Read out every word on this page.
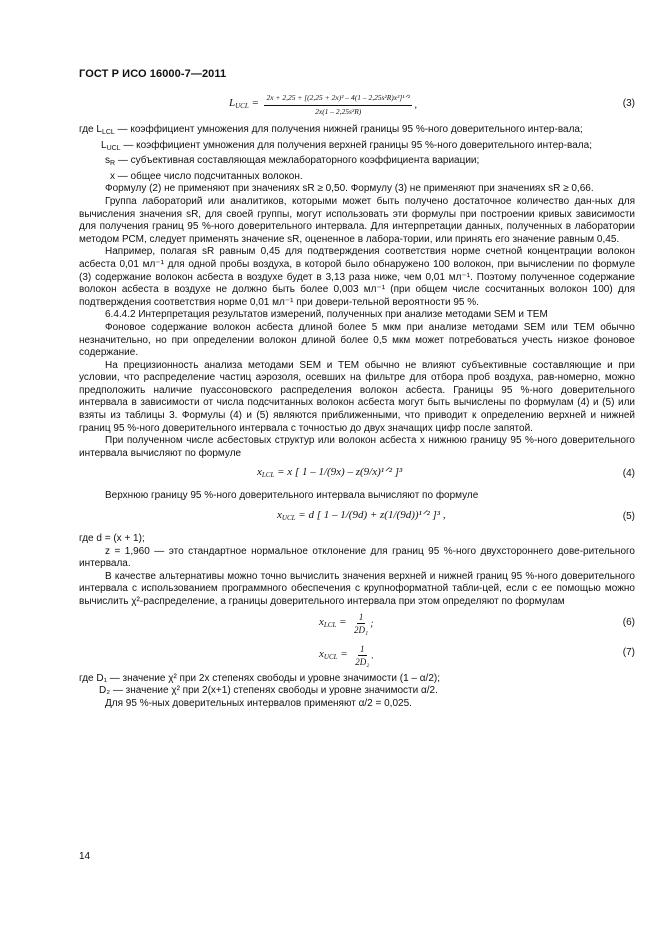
ГОСТ Р ИСО 16000-7—2011
$L_{UCL} = \frac{\text{2x + 2,25 + [(2,25 + 2x)² – 4(1 – 2,25s²R)x²]¹ᐟ²}}{\text{2x(1 – 2,25s²R)}}$ ,	(3)
где $L_{LCL}$ — коэффициент умножения для получения нижней границы 95 %-ного доверительного интер-вала;
$L_{UCL}$ — коэффициент умножения для получения верхней границы 95 %-ного доверительного интер-вала;
$s_R$ — субъективная составляющая межлабораторного коэффициента вариации;
x — общее число подсчитанных волокон.

Формулу (2) не применяют при значениях sR ≥ 0,50. Формулу (3) не применяют при значениях sR ≥ 0,66.

Группа лабораторий или аналитиков, которыми может быть получено достаточное количество дан-ных для вычисления значения sR, для своей группы, могут использовать эти формулы при построении кривых зависимости для получения границ 95 %-ного доверительного интервала. Для интерпретации данных, полученных в лаборатории методом РСМ, следует применять значение sR, оцененное в лабора-тории, или принять его значение равным 0,45.

Например, полагая sR равным 0,45 для подтверждения соответствия норме счетной концентрации волокон асбеста 0,01 мл⁻¹ для одной пробы воздуха, в которой было обнаружено 100 волокон, при вычислении по формуле (3) содержание волокон асбеста в воздухе будет в 3,13 раза ниже, чем 0,01 мл⁻¹. Поэтому полученное содержание волокон асбеста в воздухе не должно быть более 0,003 мл⁻¹ (при общем числе сосчитанных волокон 100) для подтверждения соответствия норме 0,01 мл⁻¹ при довери-тельной вероятности 95 %.

6.4.4.2 Интерпретация результатов измерений, полученных при анализе методами SEM и TEM

Фоновое содержание волокон асбеста длиной более 5 мкм при анализе методами SEM или TEM обычно незначительно, но при определении волокон длиной более 0,5 мкм может потребоваться учесть низкое фоновое содержание.

На прецизионность анализа методами SEM и TEM обычно не влияют субъективные составляющие и при условии, что распределение частиц аэрозоля, осевших на фильтре для отбора проб воздуха, рав-номерно, можно предположить наличие пуассоновского распределения волокон асбеста. Границы 95 %-ного доверительного интервала в зависимости от числа подсчитанных волокон асбеста могут быть вычислены по формулам (4) и (5) или взяты из таблицы 3. Формулы (4) и (5) являются приближенными, что приводит к определению верхней и нижней границ 95 %-ного доверительного интервала с точностью до двух значащих цифр после запятой.

При полученном числе асбестовых структур или волокон асбеста x нижнюю границу 95 %-ного доверительного интервала вычисляют по формуле

$x_{LCL} = x$ [ 1 – 1/(9x) – z(9/x)¹ᐟ² ]³	(4)

Верхнюю границу 95 %-ного доверительного интервала вычисляют по формуле

$x_{UCL} = d$ [ 1 – 1/(9d) + z(1/(9d))¹ᐟ² ]³ ,	(5)

где d = (x + 1);

z = 1,960 — это стандартное нормальное отклонение для границ 95 %-ного двухстороннего дове-рительного интервала.

В качестве альтернативы можно точно вычислить значения верхней и нижней границ 95 %-ного доверительного интервала с использованием программного обеспечения с крупноформатной табли-цей, если с ее помощью можно вычислить χ²-распределение, а границы доверительного интервала при этом определяют по формулам

$x_{LCL} = \frac{1}{\text{2D₁}}$ ;	(6)
$x_{UCL} = \frac{1}{\text{2D₂}}$ .	(7)

где D₁ — значение χ² при 2x степенях свободы и уровне значимости (1 – α/2);

D₂ — значение χ² при 2(x+1) степенях свободы и уровне значимости α/2.

Для 95 %-ных доверительных интервалов применяют α/2 = 0,025.

14
